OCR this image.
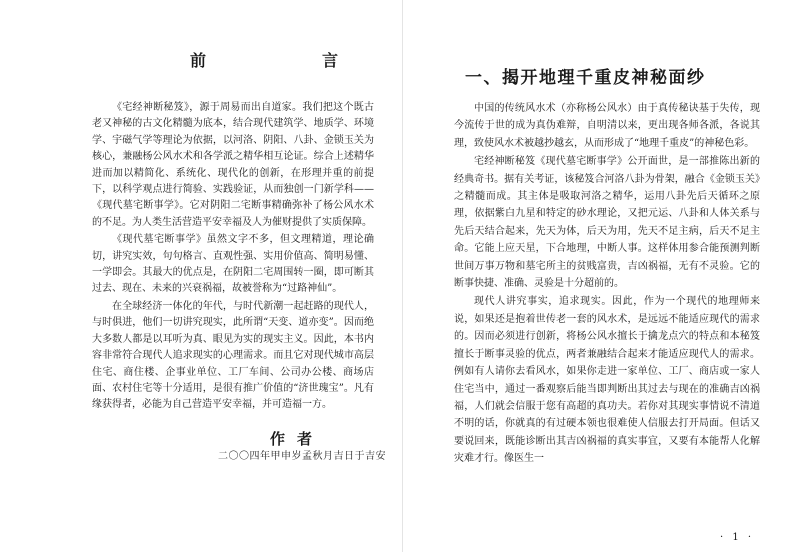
前	言

《宅经神断秘笈》，源于周易而出自道家。我们把这个既古老又神秘的古文化精髓为底本，结合现代建筑学、地质学、环境学、宇磁气学等理论为依据，以河洛、阴阳、八卦、金锁玉关为核心，兼融杨公风水术和各学派之精华相互论证。综合上述精华进而加以精简化、系统化、现代化的创新，在形理并重的前提下，以科学观点进行简验、实践验证，从而独创一门新学科——《现代墓宅断事学》。它对阴阳二宅断事精确弥补了杨公风水术的不足。为人类生活营造平安幸福及人为催财提供了实质保障。

《现代墓宅断事学》虽然文字不多，但文理精道，理论确切，讲究实效，句句格言、直观性强、实用价值高、简明易懂、一学即会。其最大的优点是，在阴阳二宅周围转一圈，即可断其过去、现在、未来的兴衰祸福，故被誉称为“过路神仙”。

在全球经济一体化的年代，与时代新潮一起赶路的现代人，与时俱进，他们一切讲究现实，此所谓“天变、道亦变”。因而绝大多数人都是以耳听为真、眼见为实的现实主义。因此，本书内容非常符合现代人追求现实的心理需求。而且它对现代城市高层住宅、商住楼、企事业单位、工厂车间、公司办公楼、商场店面、农村住宅等十分适用，是很有推广价值的“济世瑰宝”。凡有缘获得者，必能为自己营造平安幸福，并可造福一方。

作者
二〇〇四年甲申岁孟秋月吉日于吉安
一、揭开地理千重皮神秘面纱

中国的传统风水术（亦称杨公风水）由于真传秘诀基于失传，现今流传于世的成为真伪难辩，自明清以来，更出现各师各派，各说其理，致使风水术被越抄越玄，从而形成了“地理千重皮”的神秘色彩。

宅经神断秘笈《现代墓宅断事学》公开面世，是一部推陈出新的经典奇书。据有关考证，该秘笈合河洛八卦为骨架，融合《金锁玉关》之精髓而成。其主体是吸取河洛之精华，运用八卦先后天循环之原理，依据紫白九星和特定的砂水理论，又把元运、八卦和人体关系与先后天结合起来，先天为体，后天为用，先天不足主病，后天不足主命。它能上应天星，下合地理，中断人事。这样体用参合能预测判断世间万事万物和墓宅所主的贫贱富贵，吉凶祸福，无有不灵验。它的断事快捷、准确、灵验是十分超前的。

现代人讲究事实，追求现实。因此，作为一个现代的地理师来说，如果还是抱着世传老一套的风水术，是远远不能适应现代的需求的。因而必须进行创新，将杨公风水擅长于擒龙点穴的特点和本秘笈擅长于断事灵验的优点，两者兼融结合起来才能适应现代人的需求。例如有人请你去看风水，如果你走进一家单位、工厂、商店或一家人住宅当中，通过一番观察后能当即判断出其过去与现在的准确吉凶祸福，人们就会信服于您有高超的真功夫。若你对其现实事情说不清道不明的话，你就真的有过硬本领也很难使人信服去打开局面。但话又要说回来，既能诊断出其吉凶祸福的真实事宜，又要有本能帮人化解灾难才行。像医生一

· 1 ·
